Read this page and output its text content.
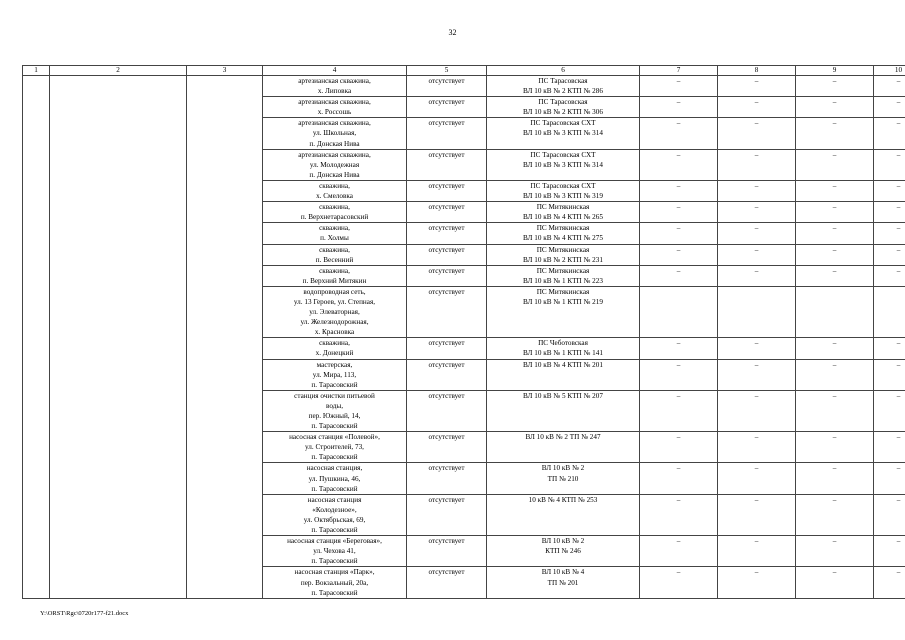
32
1	2	3	4	5	6	7	8	9	10

			артезианская скважина,
х. Липовка	отсутствует	ПС Тарасовская
ВЛ 10 кВ № 2 КТП № 286	–	–	–	–

			артезианская скважина,
х. Россошь	отсутствует	ПС Тарасовская
ВЛ 10 кВ № 2 КТП № 306	–	–	–	–

			артезианская скважина,
ул. Школьная,
п. Донская Нива	отсутствует	ПС Тарасовская СХТ
ВЛ 10 кВ № 3 КТП № 314	–	–	–	–

			артезианская скважина,
ул. Молодежная
п. Донская Нива	отсутствует	ПС Тарасовская СХТ
ВЛ 10 кВ № 3 КТП № 314	–	–	–	–

			скважина,
х. Смеловка	отсутствует	ПС Тарасовская СХТ
ВЛ 10 кВ № 3 КТП № 319	–	–	–	–

			скважина,
п. Верхнетарасовский	отсутствует	ПС Митякинская
ВЛ 10 кВ № 4 КТП № 265	–	–	–	–

			скважина,
п. Холмы	отсутствует	ПС Митякинская
ВЛ 10 кВ № 4 КТП № 275	–	–	–	–

			скважина,
п. Весенний	отсутствует	ПС Митякинская
ВЛ 10 кВ № 2 КТП № 231	–	–	–	–

			скважина,
п. Верхний Митякин	отсутствует	ПС Митякинская
ВЛ 10 кВ № 1 КТП № 223	–	–	–	–

			водопроводная сеть,
ул. 13 Героев, ул. Степная,
ул. Элеваторная,
ул. Железнодорожная,
х. Красновка	отсутствует	ПС Митякинская
ВЛ 10 кВ № 1 КТП № 219				

			скважина,
х. Донецкий	отсутствует	ПС Чеботовская
ВЛ 10 кВ № 1 КТП № 141	–	–	–	–

			мастерская,
ул. Мира, 113,
п. Тарасовский	отсутствует	ВЛ 10 кВ № 4 КТП № 201	–	–	–	–

			станция очистки питьевой
воды,
пер. Южный, 14,
п. Тарасовский	отсутствует	ВЛ 10 кВ № 5 КТП № 207	–	–	–	–

			насосная станция «Полевой»,
ул. Строителей, 73,
п. Тарасовский	отсутствует	ВЛ 10 кВ № 2 ТП № 247	–	–	–	–

			насосная станция,
ул. Пушкина, 46,
п. Тарасовский	отсутствует	ВЛ 10 кВ № 2
ТП № 210	–	–	–	–

			насосная станция
«Колодезное»,
ул. Октябрьская, 69,
п. Тарасовский	отсутствует	10 кВ № 4 КТП № 253	–	–	–	–

			насосная станция «Береговая»,
ул. Чехова 41,
п. Тарасовский	отсутствует	ВЛ 10 кВ № 2
КТП № 246	–	–	–	–

			насосная станция «Парк»,
пер. Вокзальный, 20а,
п. Тарасовский	отсутствует	ВЛ 10 кВ № 4
ТП № 201	–	–	–	–
Y:\ORST\Rgc\0720r177-f21.docx
